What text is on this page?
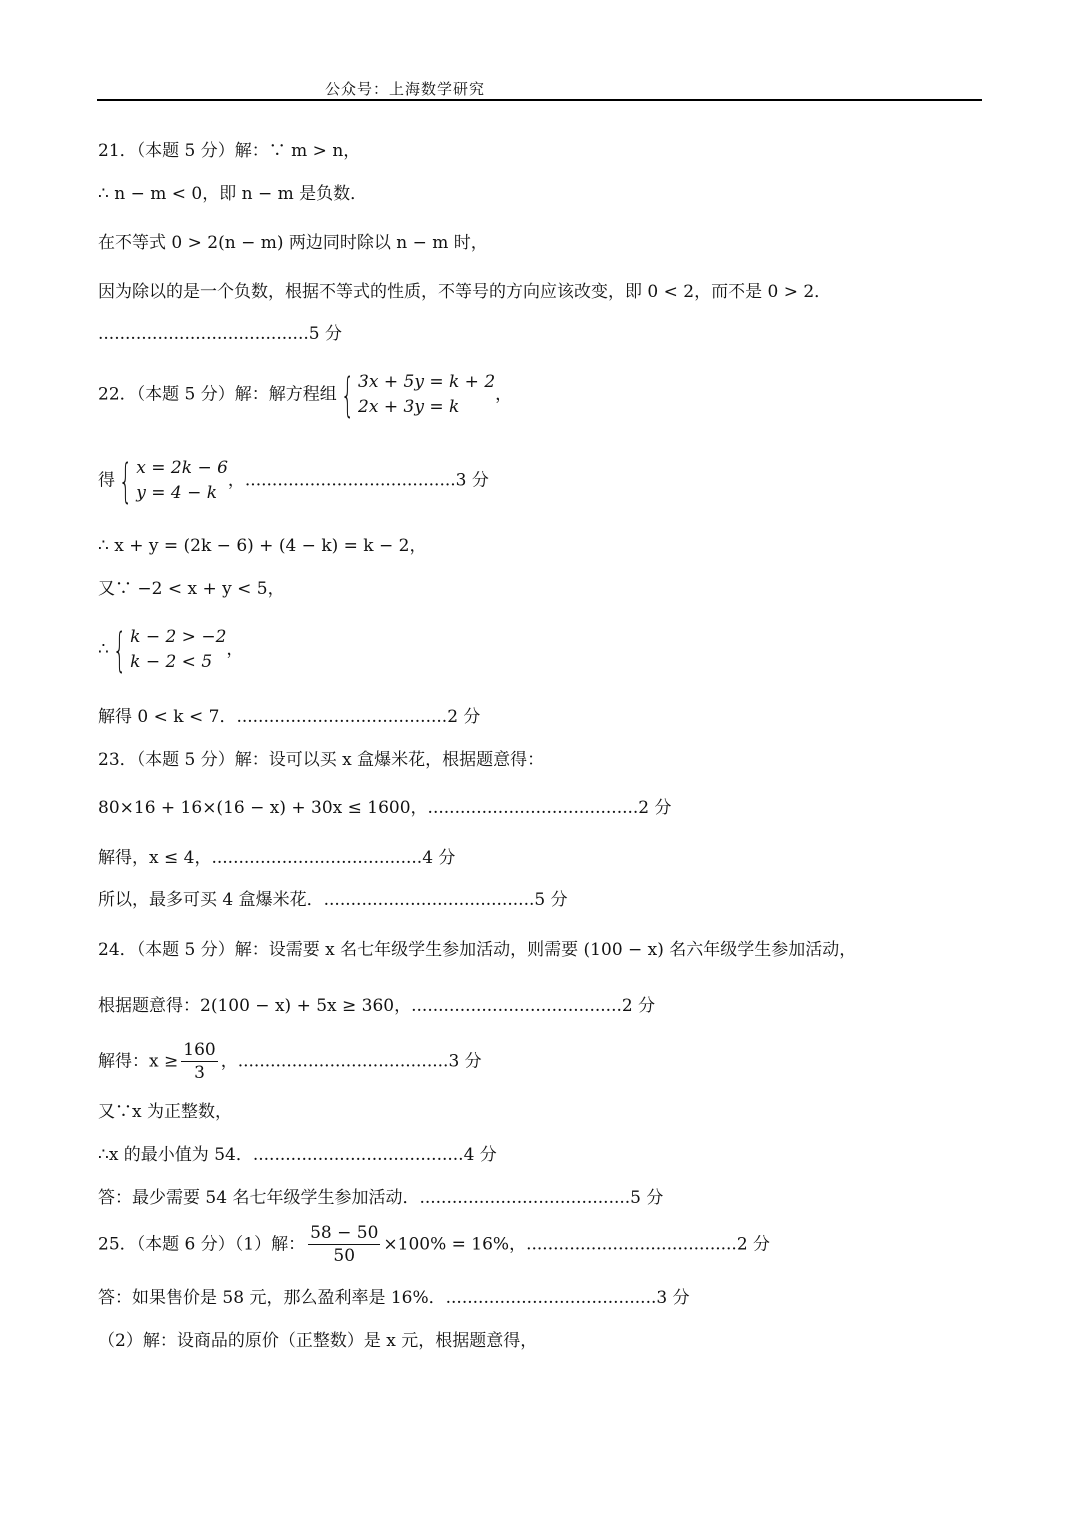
公众号：上海数学研究
21．（本题 5 分）解：∵ m > n，
∴ n − m < 0，即 n − m 是负数．
在不等式 0 > 2(n − m) 两边同时除以 n − m 时，
因为除以的是一个负数，根据不等式的性质，不等号的方向应该改变，即 0 < 2，而不是 0 > 2．
.......................................5 分
22．（本题 5 分）解：解方程组 { 3x + 5y = k + 2
2x + 3y = k
，
得 { x = 2k − 6
y = 4 − k
，.......................................3 分
∴ x + y = (2k − 6) + (4 − k) = k − 2，
又∵ −2 < x + y < 5，
∴ { k − 2 > −2
k − 2 < 5
，
解得 0 < k < 7．.......................................2 分
23．（本题 5 分）解：设可以买 x 盒爆米花，根据题意得：
80×16 + 16×(16 − x) + 30x ≤ 1600，.......................................2 分
解得，x ≤ 4，.......................................4 分
所以，最多可买 4 盒爆米花．.......................................5 分
24．（本题 5 分）解：设需要 x 名七年级学生参加活动，则需要 (100 − x) 名六年级学生参加活动，
根据题意得：2(100 − x) + 5x ≥ 360，.......................................2 分
解得：$x \ge \frac{160}{3}$ ，.......................................3 分
又∵x 为正整数，
∴x 的最小值为 54．.......................................4 分
答：最少需要 54 名七年级学生参加活动．.......................................5 分
25．（本题 6 分）（1）解： $\frac{58 - 50}{50} \times 100\% = 16\%$，.......................................2 分
答：如果售价是 58 元，那么盈利率是 16%．.......................................3 分
（2）解：设商品的原价（正整数）是 x 元，根据题意得，
